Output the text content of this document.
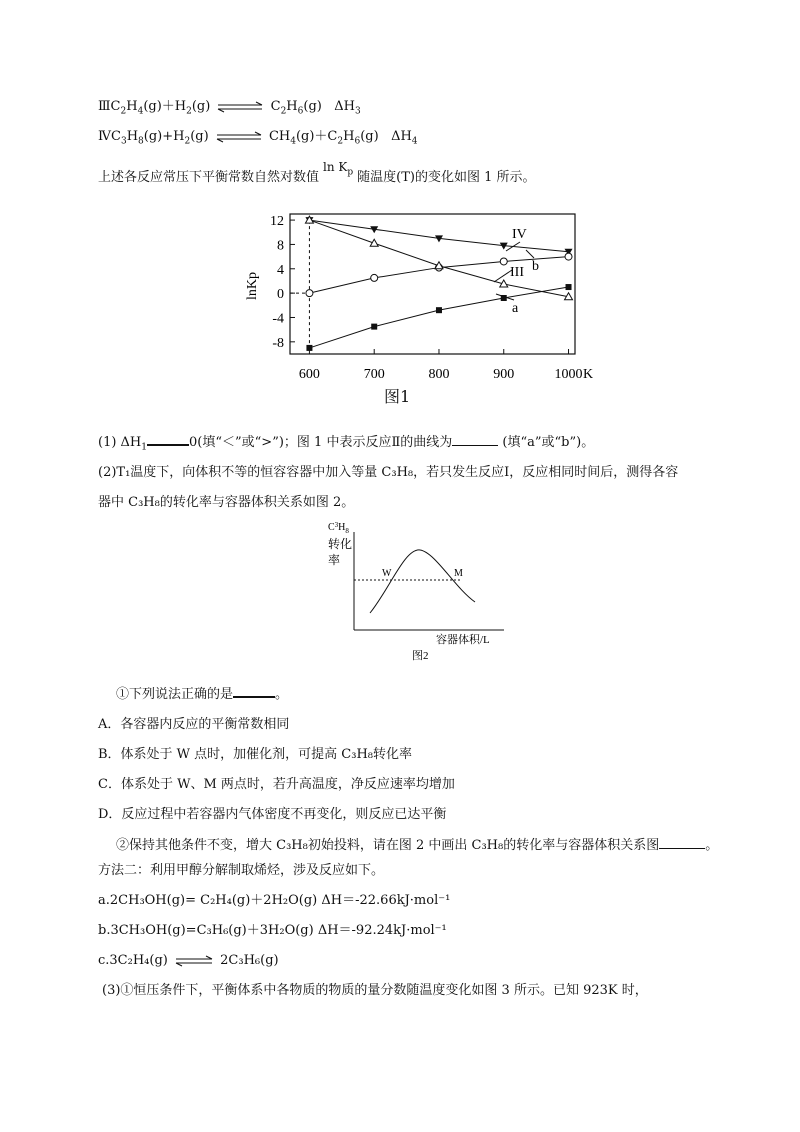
$ⅢC_2H_4(g)+H_2(g)$ ⇌ $C_2H_6(g)$   $\Delta H_3$
$ⅣC_3H_8(g)+H_2(g)$ ⇌ $CH_4(g)+C_2H_6(g)$   $\Delta H_4$
上述各反应常压下平衡常数自然对数值$\ln K_p$ 随温度(T)的变化如图 1 所示。
12
8
4
0
-4
-8
600	700	800	900	1000 K
lnKp
IV
b
III
a
图1
(1) $\Delta H_1$	0(填“＜”或“>”)；图 1 中表示反应Ⅱ的曲线为	(填“a”或“b”)。
(2)T₁温度下，向体积不等的恒容容器中加入等量 C₃H₈，若只发生反应Ⅰ，反应相同时间后，测得各容
器中 C₃H₈的转化率与容器体积关系如图 2。
$C^3H_8$
转化
率
W	M
容器体积/L
图2
①下列说法正确的是	。
A．各容器内反应的平衡常数相同
B．体系处于 W 点时，加催化剂，可提高 C₃H₈转化率
C．体系处于 W、M 两点时，若升高温度，净反应速率均增加
D．反应过程中若容器内气体密度不再变化，则反应已达平衡
②保持其他条件不变，增大 C₃H₈初始投料，请在图 2 中画出 C₃H₈的转化率与容器体积关系图	。
方法二：利用甲醇分解制取烯烃，涉及反应如下。
a.2CH₃OH(g)= C₂H₄(g)＋2H₂O(g) ΔH＝-22.66kJ·mol⁻¹
b.3CH₃OH(g)=C₃H₆(g)＋3H₂O(g) ΔH＝-92.24kJ·mol⁻¹
c.3C₂H₄(g) ⇌ 2C₃H₆(g)
(3)①恒压条件下，平衡体系中各物质的物质的量分数随温度变化如图 3 所示。已知 923K 时，
